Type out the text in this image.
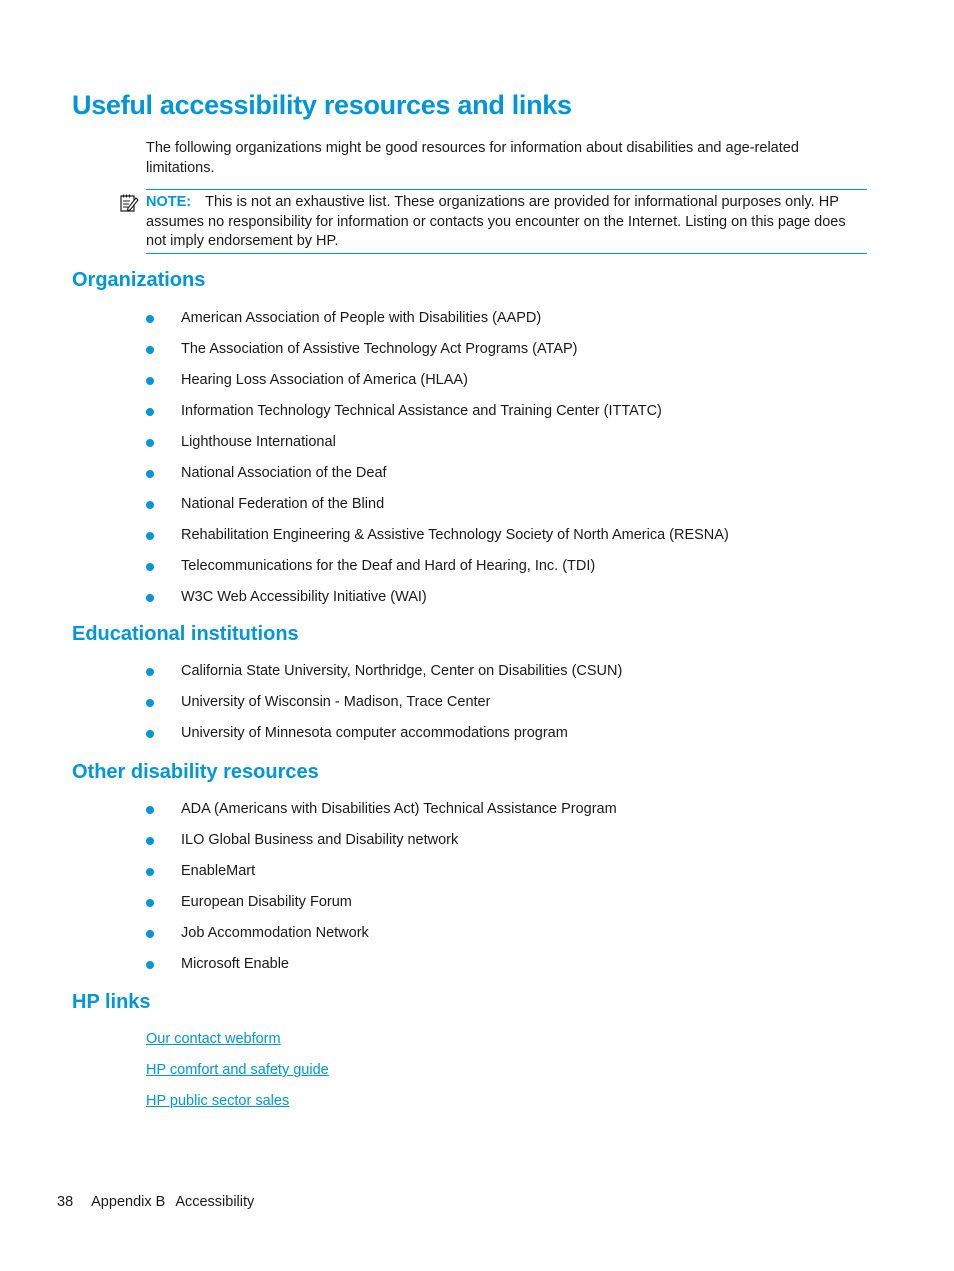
Useful accessibility resources and links

The following organizations might be good resources for information about disabilities and age-related limitations.

NOTE: This is not an exhaustive list. These organizations are provided for informational purposes only. HP assumes no responsibility for information or contacts you encounter on the Internet. Listing on this page does not imply endorsement by HP.

Organizations
American Association of People with Disabilities (AAPD)
The Association of Assistive Technology Act Programs (ATAP)
Hearing Loss Association of America (HLAA)
Information Technology Technical Assistance and Training Center (ITTATC)
Lighthouse International
National Association of the Deaf
National Federation of the Blind
Rehabilitation Engineering & Assistive Technology Society of North America (RESNA)
Telecommunications for the Deaf and Hard of Hearing, Inc. (TDI)
W3C Web Accessibility Initiative (WAI)
Educational institutions
California State University, Northridge, Center on Disabilities (CSUN)
University of Wisconsin - Madison, Trace Center
University of Minnesota computer accommodations program
Other disability resources
ADA (Americans with Disabilities Act) Technical Assistance Program
ILO Global Business and Disability network
EnableMart
European Disability Forum
Job Accommodation Network
Microsoft Enable
HP links
Our contact webform
HP comfort and safety guide
HP public sector sales
38 Appendix B Accessibility
